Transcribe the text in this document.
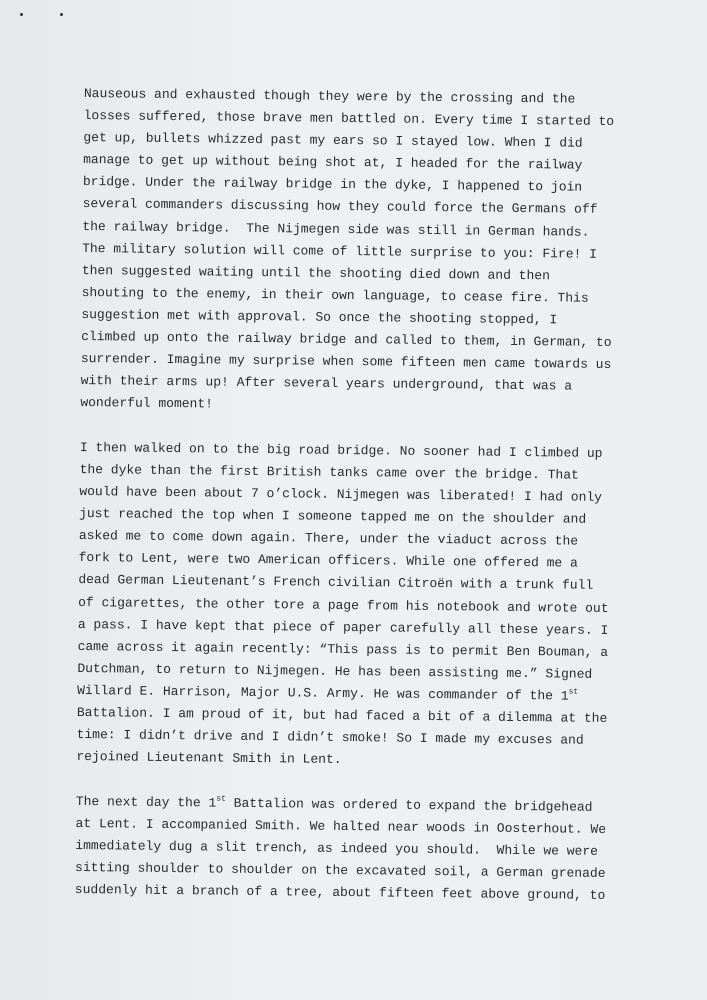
Nauseous and exhausted though they were by the crossing and the
losses suffered, those brave men battled on. Every time I started to
get up, bullets whizzed past my ears so I stayed low. When I did
manage to get up without being shot at, I headed for the railway
bridge. Under the railway bridge in the dyke, I happened to join
several commanders discussing how they could force the Germans off
the railway bridge.  The Nijmegen side was still in German hands.
The military solution will come of little surprise to you: Fire! I
then suggested waiting until the shooting died down and then
shouting to the enemy, in their own language, to cease fire. This
suggestion met with approval. So once the shooting stopped, I
climbed up onto the railway bridge and called to them, in German, to
surrender. Imagine my surprise when some fifteen men came towards us
with their arms up! After several years underground, that was a
wonderful moment!
I then walked on to the big road bridge. No sooner had I climbed up
the dyke than the first British tanks came over the bridge. That
would have been about 7 o’clock. Nijmegen was liberated! I had only
just reached the top when I someone tapped me on the shoulder and
asked me to come down again. There, under the viaduct across the
fork to Lent, were two American officers. While one offered me a
dead German Lieutenant’s French civilian Citroën with a trunk full
of cigarettes, the other tore a page from his notebook and wrote out
a pass. I have kept that piece of paper carefully all these years. I
came across it again recently: “This pass is to permit Ben Bouman, a
Dutchman, to return to Nijmegen. He has been assisting me.” Signed
Willard E. Harrison, Major U.S. Army. He was commander of the 1st
Battalion. I am proud of it, but had faced a bit of a dilemma at the
time: I didn’t drive and I didn’t smoke! So I made my excuses and
rejoined Lieutenant Smith in Lent.
The next day the 1st Battalion was ordered to expand the bridgehead
at Lent. I accompanied Smith. We halted near woods in Oosterhout. We
immediately dug a slit trench, as indeed you should.  While we were
sitting shoulder to shoulder on the excavated soil, a German grenade
suddenly hit a branch of a tree, about fifteen feet above ground, to
